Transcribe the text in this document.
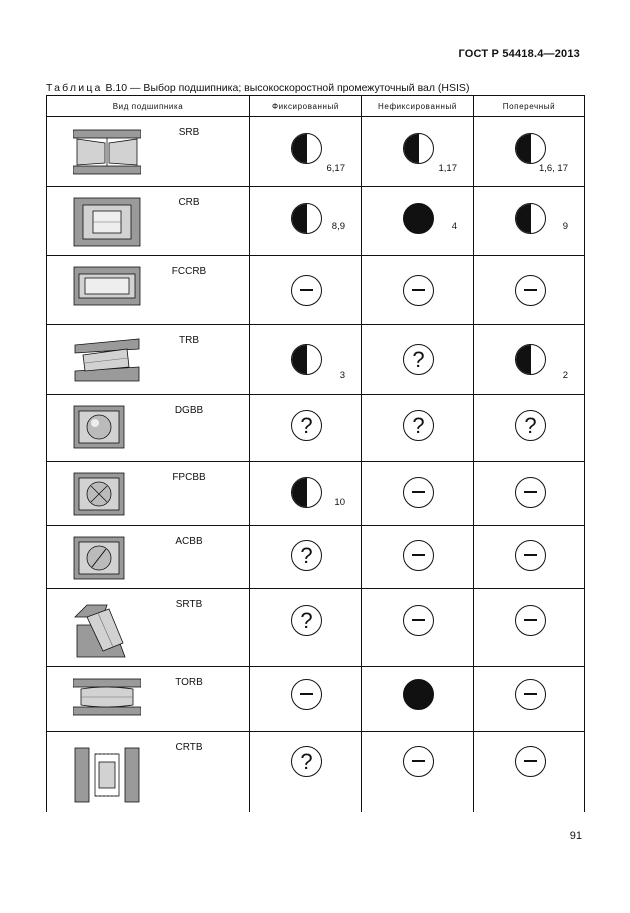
ГОСТ Р 54418.4—2013
Таблица В.10 — Выбор подшипника; высокоскоростной промежуточный вал (HSIS)
Вид подшипника	Фиксированный	Нефиксированный	Поперечный

SRB	6,17	1,17	1,6, 17

CRB	8,9	4	9

FCCRB			

TRB	3	?	2

DGBB	?	?	?

FPCBB	10		

ACBB	?		

SRTB	?		

TORB			

CRTB	?		

91
